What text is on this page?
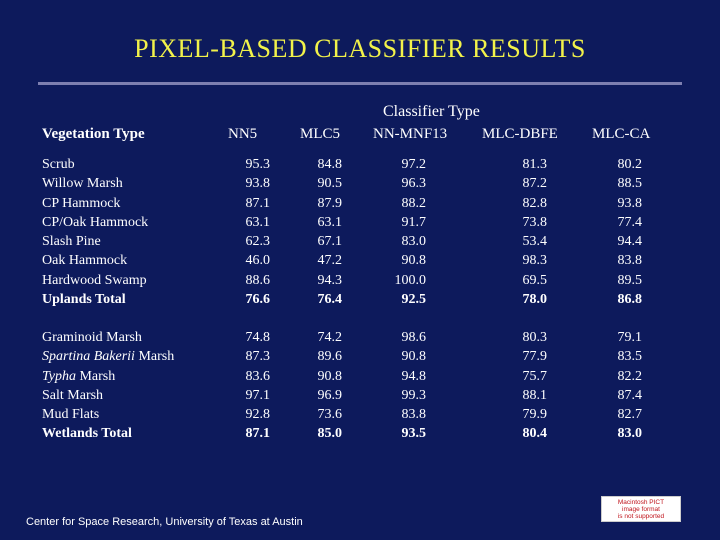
PIXEL-BASED CLASSIFIER RESULTS
Classifier Type
Vegetation Type	NN5	MLC5 NN-MNF13 MLC-DBFE MLC-CA
Scrub
Willow Marsh
CP Hammock
CP/Oak Hammock
Slash Pine
Oak Hammock
Hardwood Swamp
Uplands Total
95.3
93.8
87.1
63.1
62.3
46.0
88.6
76.6
84.8
90.5
87.9
63.1
67.1
47.2
94.3
76.4
97.2
96.3
88.2
91.7
83.0
90.8
100.0
92.5
81.3
87.2
82.8
73.8
53.4
98.3
69.5
78.0
80.2
88.5
93.8
77.4
94.4
83.8
89.5
86.8
Graminoid Marsh
Spartina Bakerii Marsh
Typha Marsh
Salt Marsh
Mud Flats
Wetlands Total
74.8
87.3
83.6
97.1
92.8
87.1
74.2
89.6
90.8
96.9
73.6
85.0
98.6
90.8
94.8
99.3
83.8
93.5
80.3
77.9
75.7
88.1
79.9
80.4
79.1
83.5
82.2
87.4
82.7
83.0
Center for Space Research, University of Texas at Austin
Macintosh PICT
image format
is not supported
